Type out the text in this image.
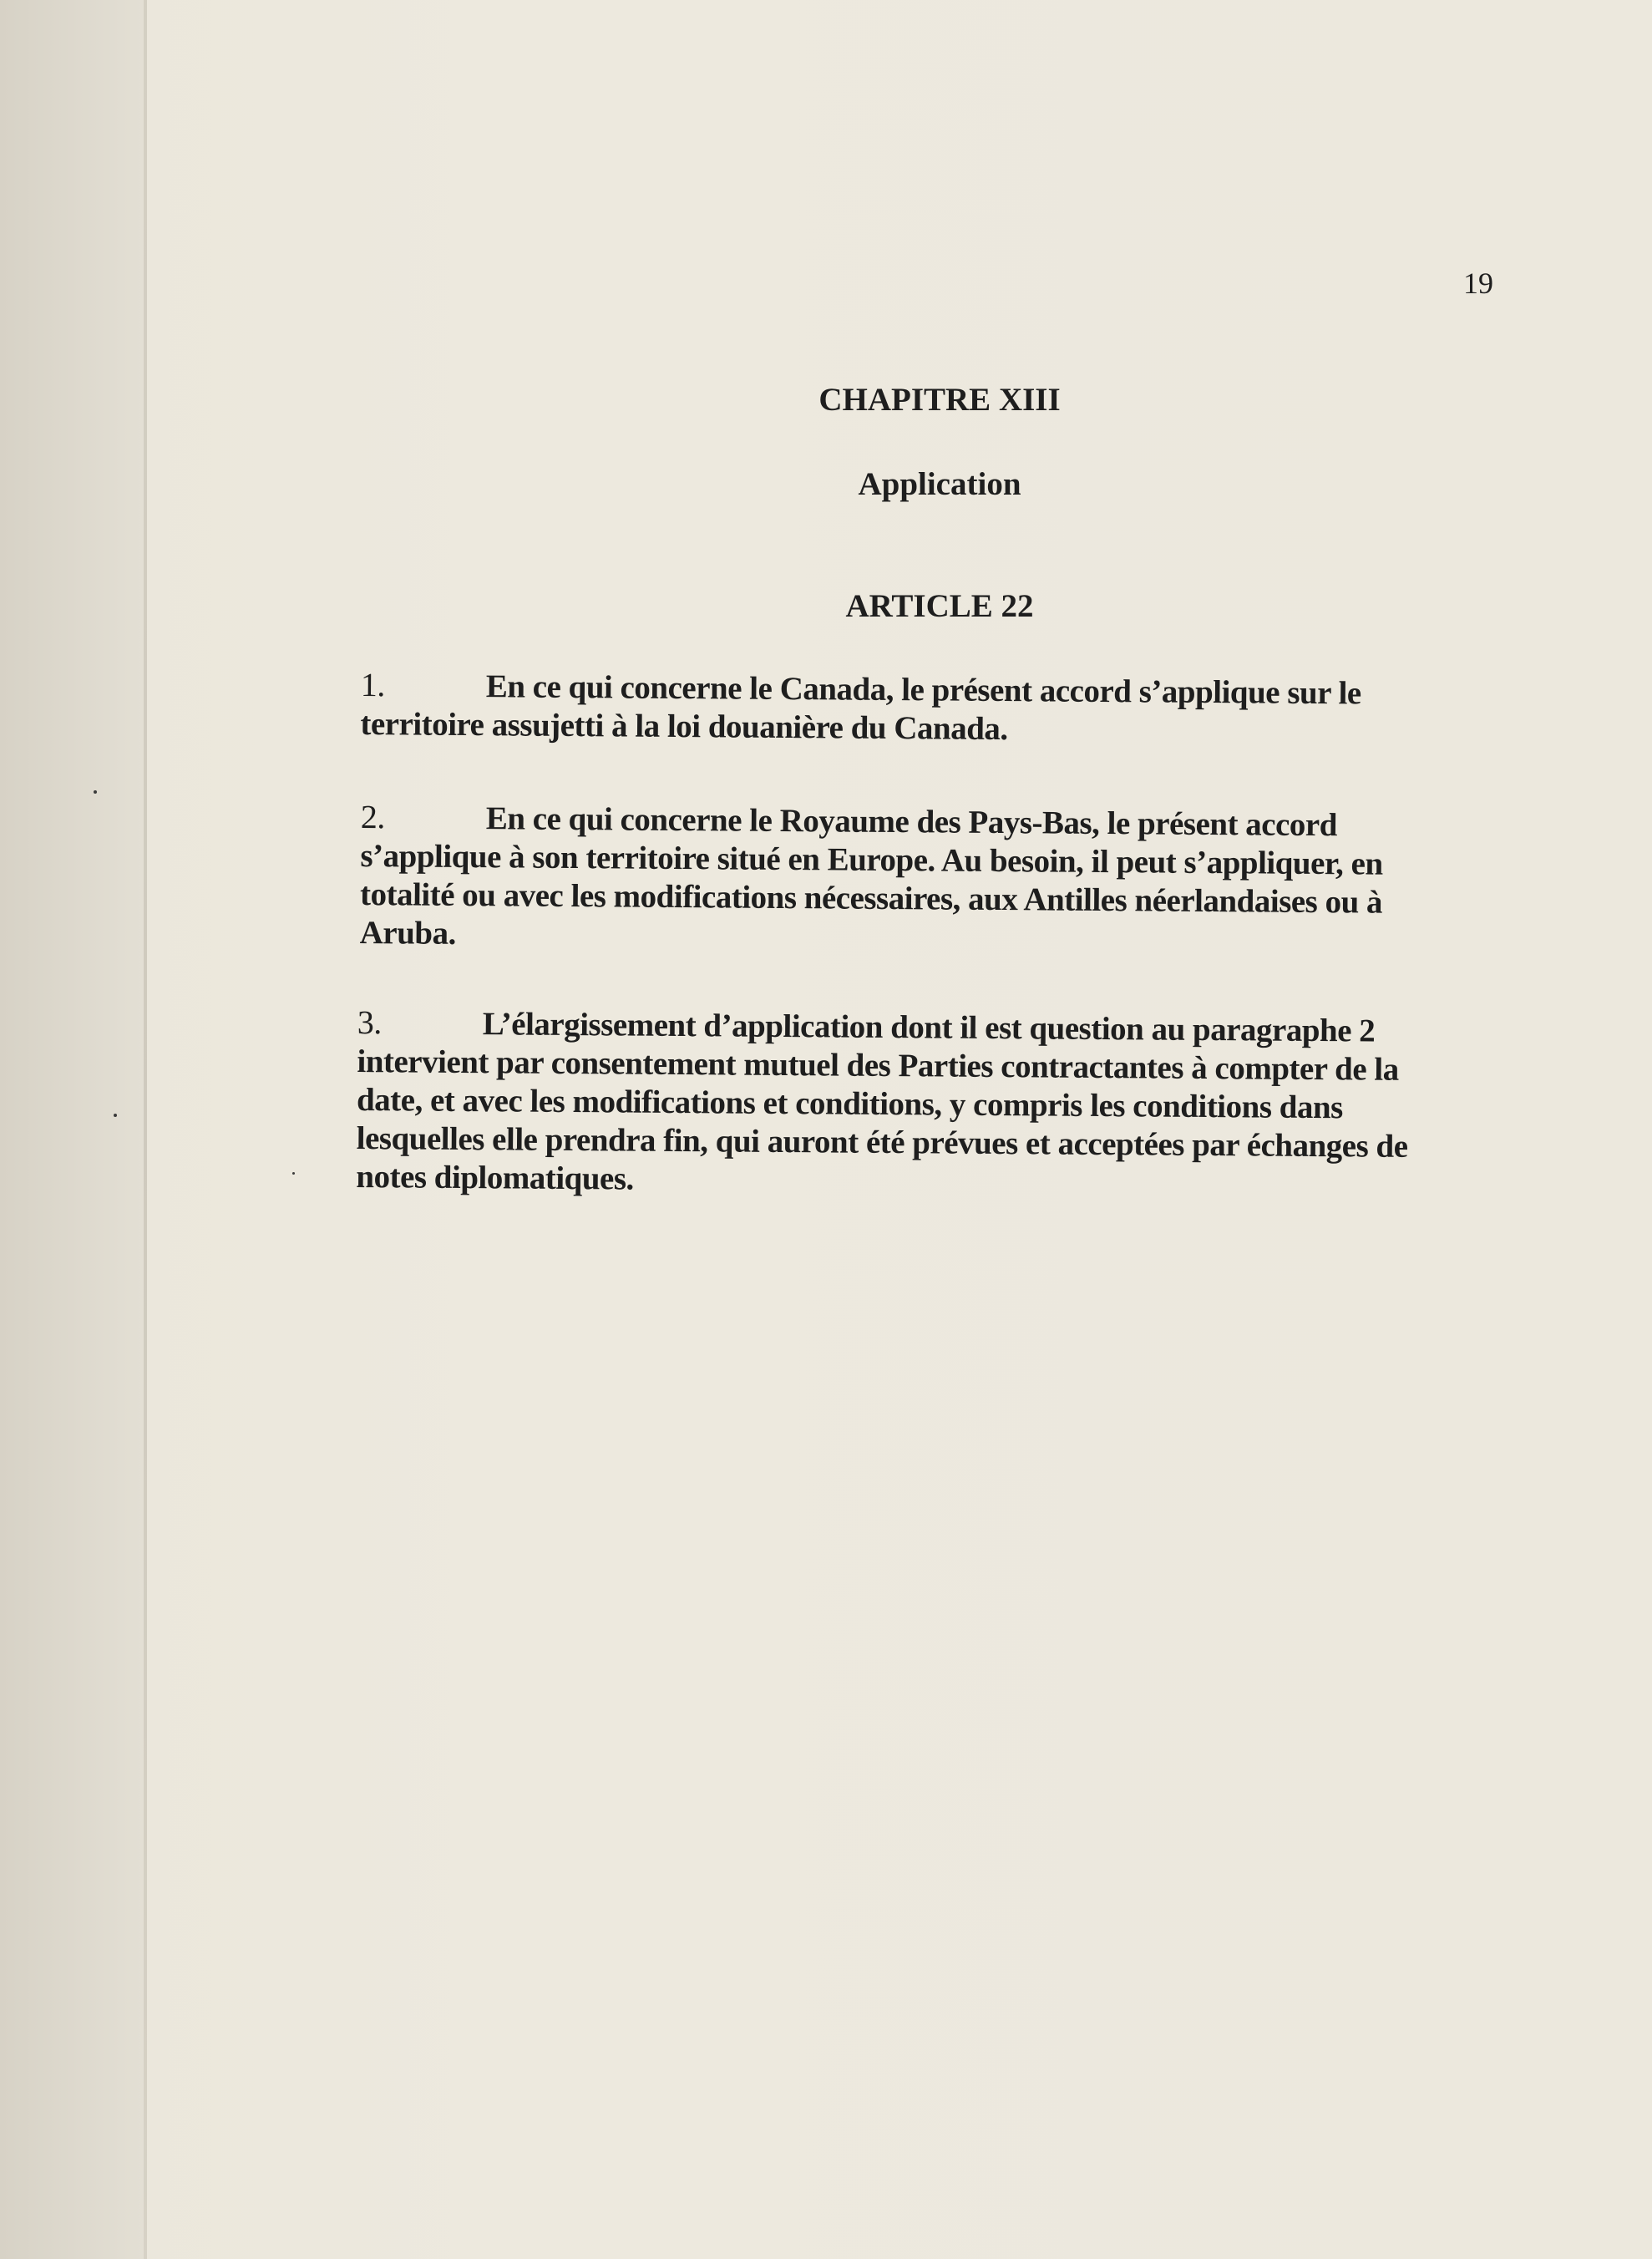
19
CHAPITRE XIII
Application
ARTICLE 22
1.	En ce qui concerne le Canada, le présent accord s’applique sur le territoire assujetti à la loi douanière du Canada.
2.	En ce qui concerne le Royaume des Pays-Bas, le présent accord s’applique à son territoire situé en Europe. Au besoin, il peut s’appliquer, en totalité ou avec les modifications nécessaires, aux Antilles néerlandaises ou à Aruba.
3.	L’élargissement d’application dont il est question au paragraphe 2 intervient par consentement mutuel des Parties contractantes à compter de la date, et avec les modifications et conditions, y compris les conditions dans lesquelles elle prendra fin, qui auront été prévues et acceptées par échanges de notes diplomatiques.
